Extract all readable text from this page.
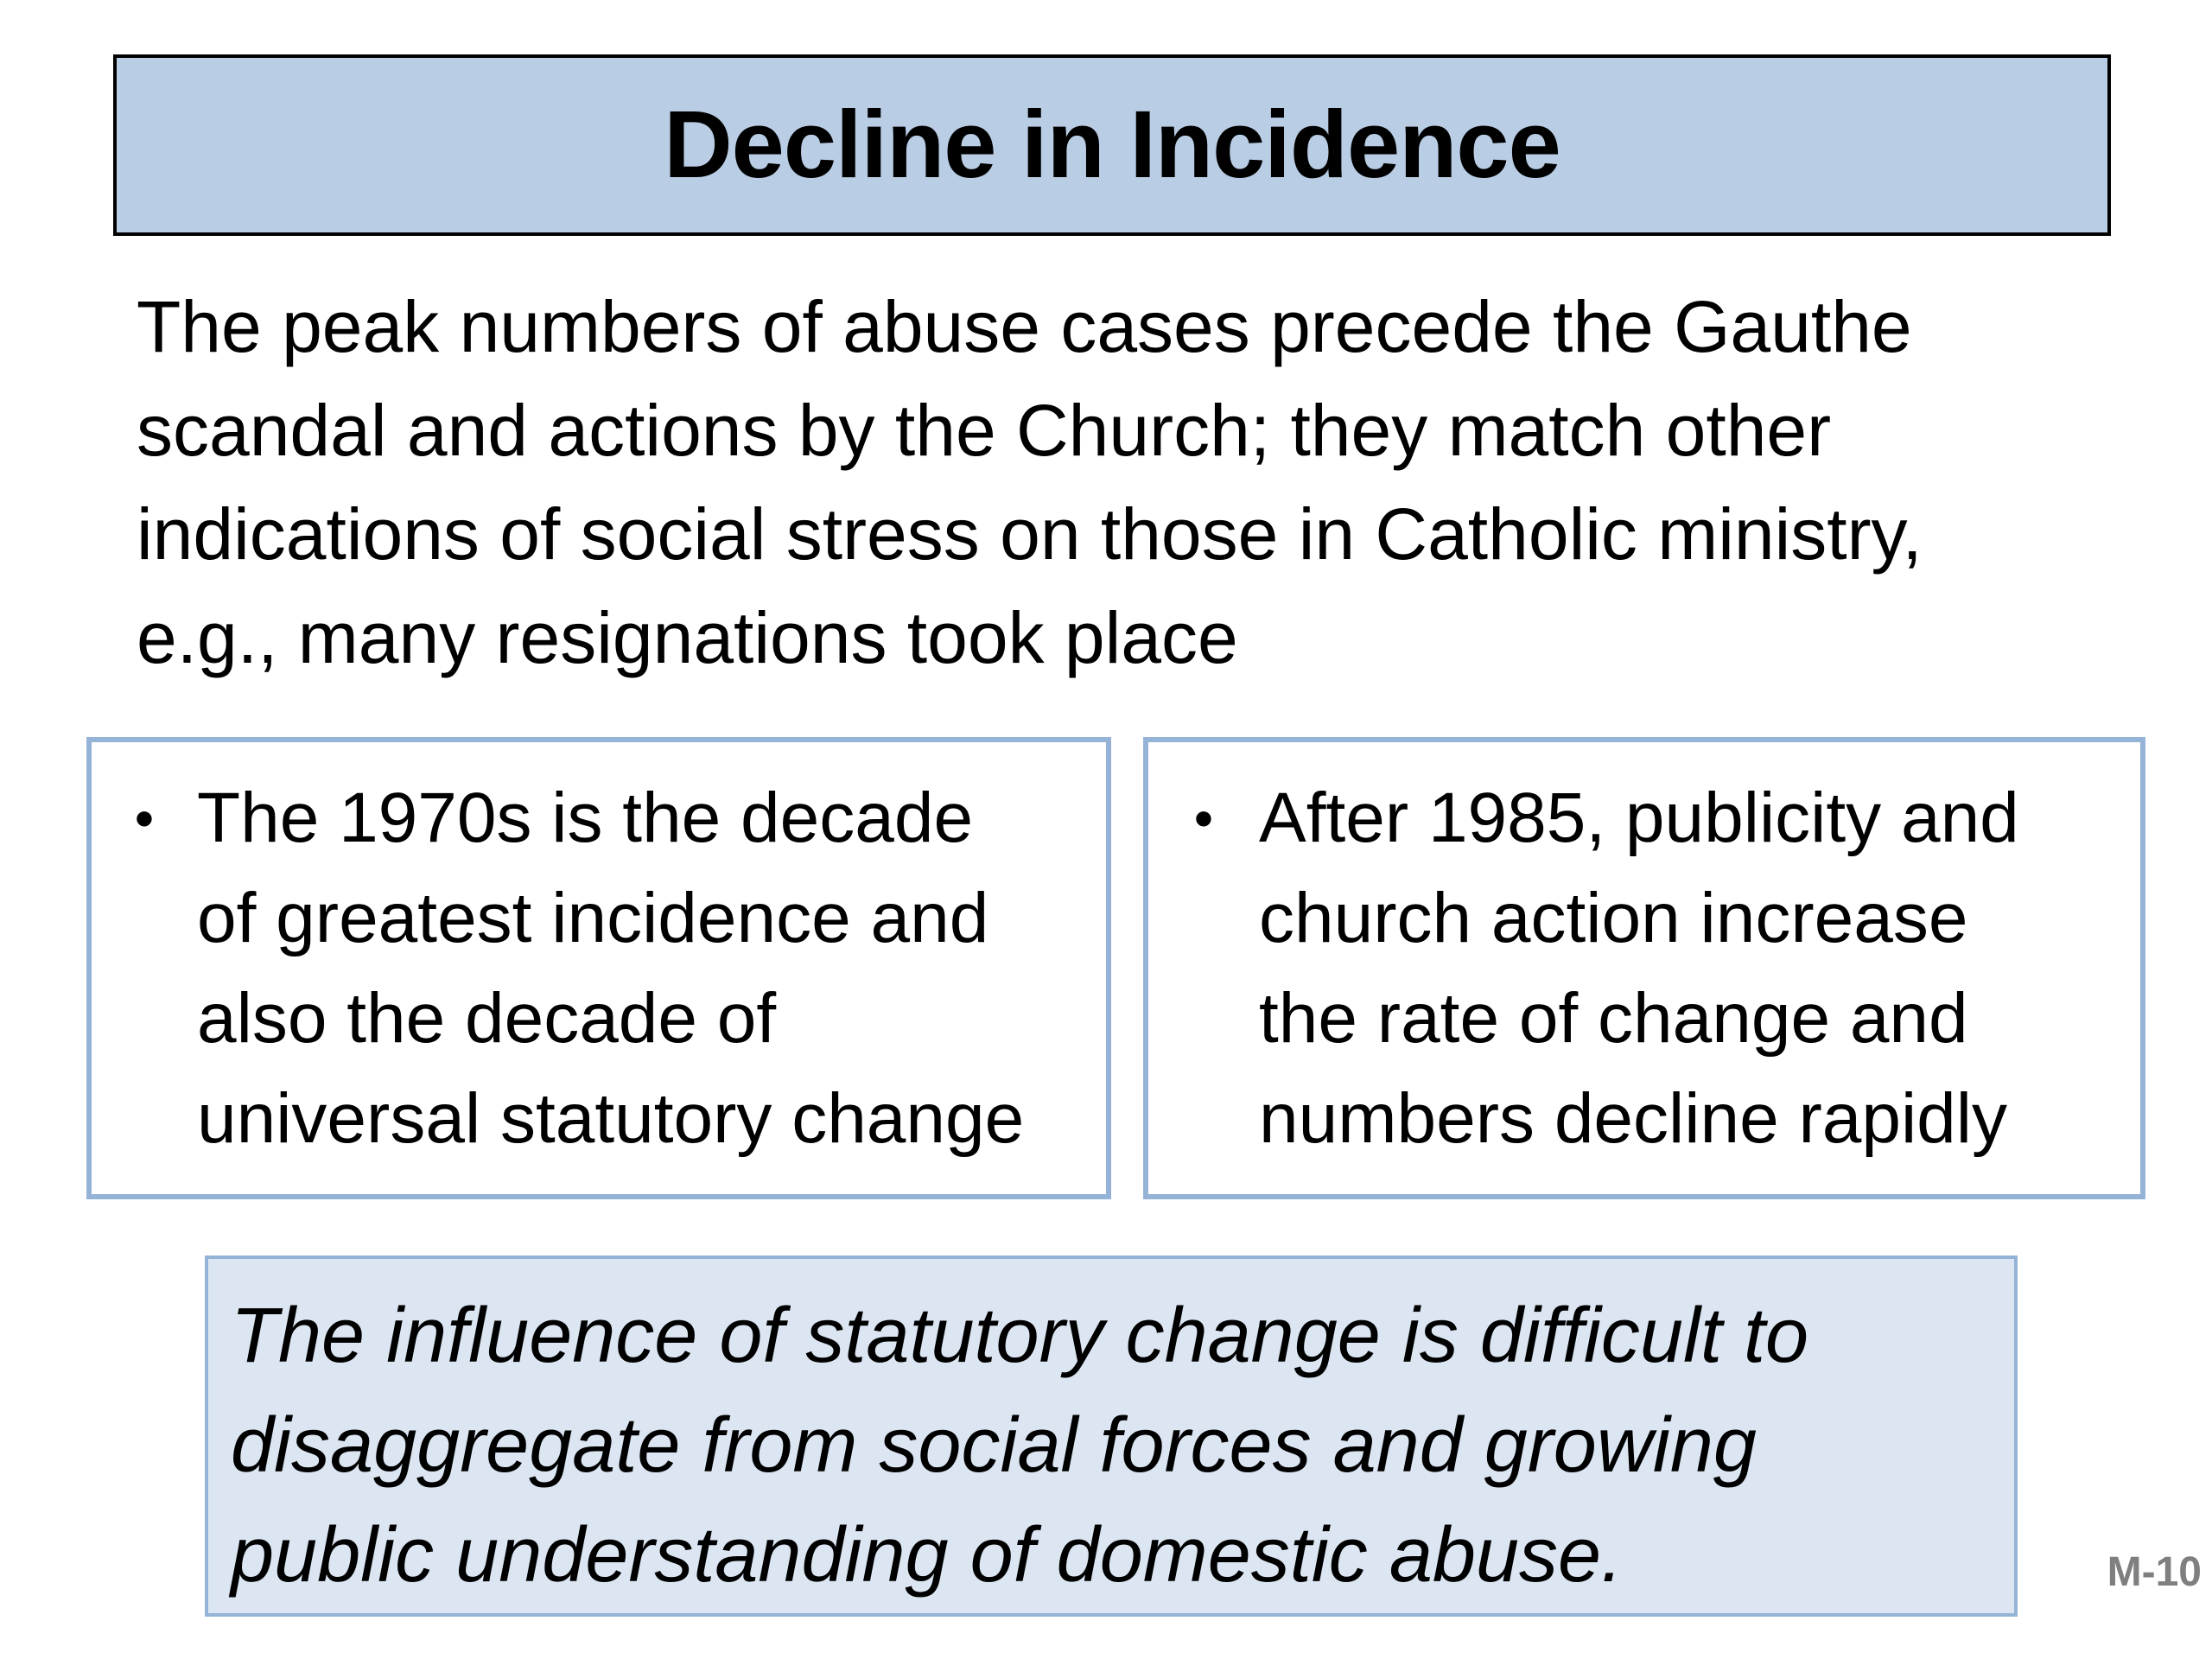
Decline in Incidence

The peak numbers of abuse cases precede the Gauthe

scandal and actions by the Church; they match other

indications of social stress on those in Catholic ministry,

e.g., many resignations took place

• The 1970s is the decade
of greatest incidence and
also the decade of
universal statutory change
• After 1985, publicity and
church action increase
the rate of change and
numbers decline rapidly
The influence of statutory change is difficult to
disaggregate from social forces and growing
public understanding of domestic abuse.	M-10
